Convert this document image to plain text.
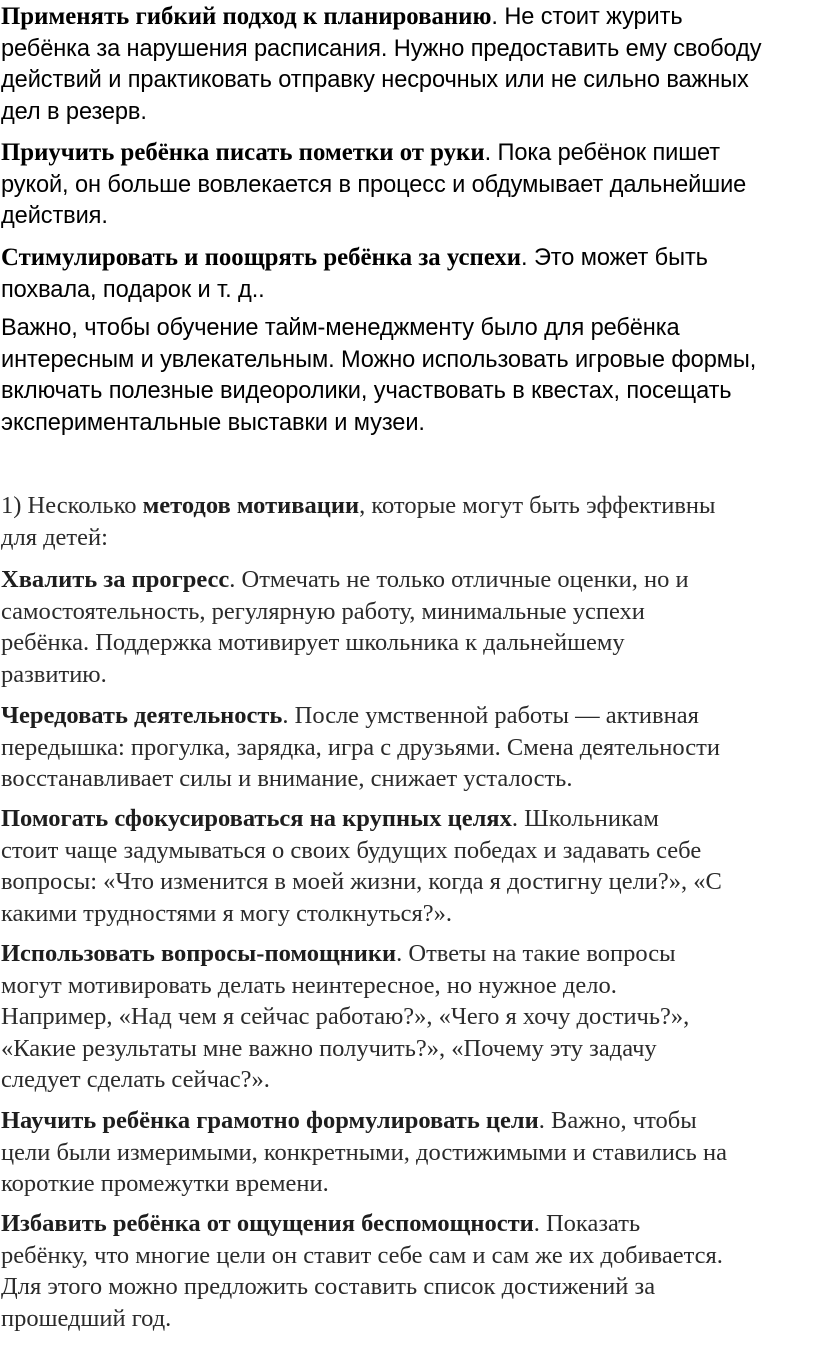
Применять гибкий подход к планированию. Не стоит журить
ребёнка за нарушения расписания. Нужно предоставить ему свободу
действий и практиковать отправку несрочных или не сильно важных
дел в резерв.

Приучить ребёнка писать пометки от руки. Пока ребёнок пишет
рукой, он больше вовлекается в процесс и обдумывает дальнейшие
действия.

Стимулировать и поощрять ребёнка за успехи. Это может быть
похвала, подарок и т. д..

Важно, чтобы обучение тайм-менеджменту было для ребёнка
интересным и увлекательным. Можно использовать игровые формы,
включать полезные видеоролики, участвовать в квестах, посещать
экспериментальные выставки и музеи.

1) Несколько методов мотивации, которые могут быть эффективны
для детей:

Хвалить за прогресс. Отмечать не только отличные оценки, но и
самостоятельность, регулярную работу, минимальные успехи
ребёнка. Поддержка мотивирует школьника к дальнейшему
развитию.

Чередовать деятельность. После умственной работы — активная
передышка: прогулка, зарядка, игра с друзьями. Смена деятельности
восстанавливает силы и внимание, снижает усталость.

Помогать сфокусироваться на крупных целях. Школьникам
стоит чаще задумываться о своих будущих победах и задавать себе
вопросы: «Что изменится в моей жизни, когда я достигну цели?», «С
какими трудностями я могу столкнуться?».

Использовать вопросы-помощники. Ответы на такие вопросы
могут мотивировать делать неинтересное, но нужное дело.
Например, «Над чем я сейчас работаю?», «Чего я хочу достичь?»,
«Какие результаты мне важно получить?», «Почему эту задачу
следует сделать сейчас?».

Научить ребёнка грамотно формулировать цели. Важно, чтобы
цели были измеримыми, конкретными, достижимыми и ставились на
короткие промежутки времени.

Избавить ребёнка от ощущения беспомощности. Показать
ребёнку, что многие цели он ставит себе сам и сам же их добивается.
Для этого можно предложить составить список достижений за
прошедший год.
